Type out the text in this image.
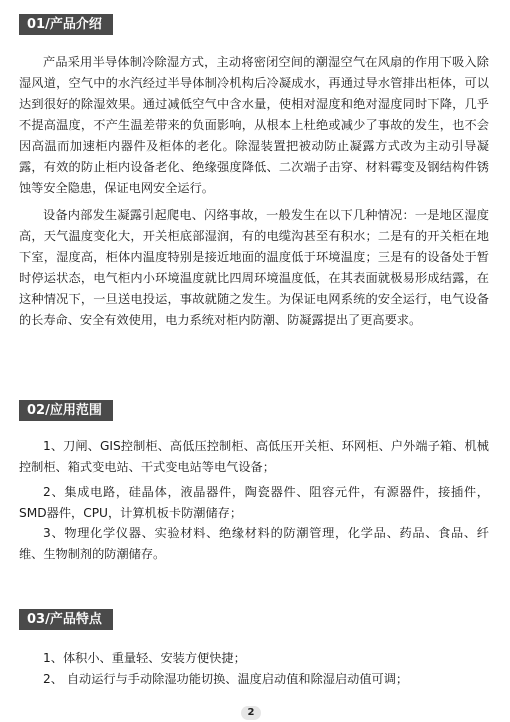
01/产品介绍

产品采用半导体制冷除湿方式，主动将密闭空间的潮湿空气在风扇的作用下吸入除湿风道，空气中的水汽经过半导体制冷机构后冷凝成水，再通过导水管排出柜体，可以达到很好的除湿效果。通过减低空气中含水量，使相对湿度和绝对湿度同时下降，几乎不提高温度，不产生温差带来的负面影响，从根本上杜绝或减少了事故的发生，也不会因高温而加速柜内器件及柜体的老化。除湿装置把被动防止凝露方式改为主动引导凝露，有效的防止柜内设备老化、绝缘强度降低、二次端子击穿、材料霉变及钢结构件锈蚀等安全隐患，保证电网安全运行。

设备内部发生凝露引起爬电、闪络事故，一般发生在以下几种情况：一是地区湿度高，天气温度变化大，开关柜底部湿润，有的电缆沟甚至有积水；二是有的开关柜在地下室，湿度高，柜体内温度特别是接近地面的温度低于环境温度；三是有的设备处于暂时停运状态，电气柜内小环境温度就比四周环境温度低，在其表面就极易形成结露，在这种情况下，一旦送电投运，事故就随之发生。为保证电网系统的安全运行，电气设备的长寿命、安全有效使用，电力系统对柜内防潮、防凝露提出了更高要求。

02/应用范围

1、刀闸、GIS控制柜、高低压控制柜、高低压开关柜、环网柜、户外端子箱、机械控制柜、箱式变电站、干式变电站等电气设备；

2、集成电路，硅晶体，液晶器件，陶瓷器件、阻容元件，有源器件，接插件，SMD器件，CPU，计算机板卡防潮储存；

3、物理化学仪器、实验材料、绝缘材料的防潮管理，化学品、药品、食品、纤维、生物制剂的防潮储存。

03/产品特点

1、体积小、重量轻、安装方便快捷；

2、 自动运行与手动除湿功能切换、温度启动值和除湿启动值可调；

2
